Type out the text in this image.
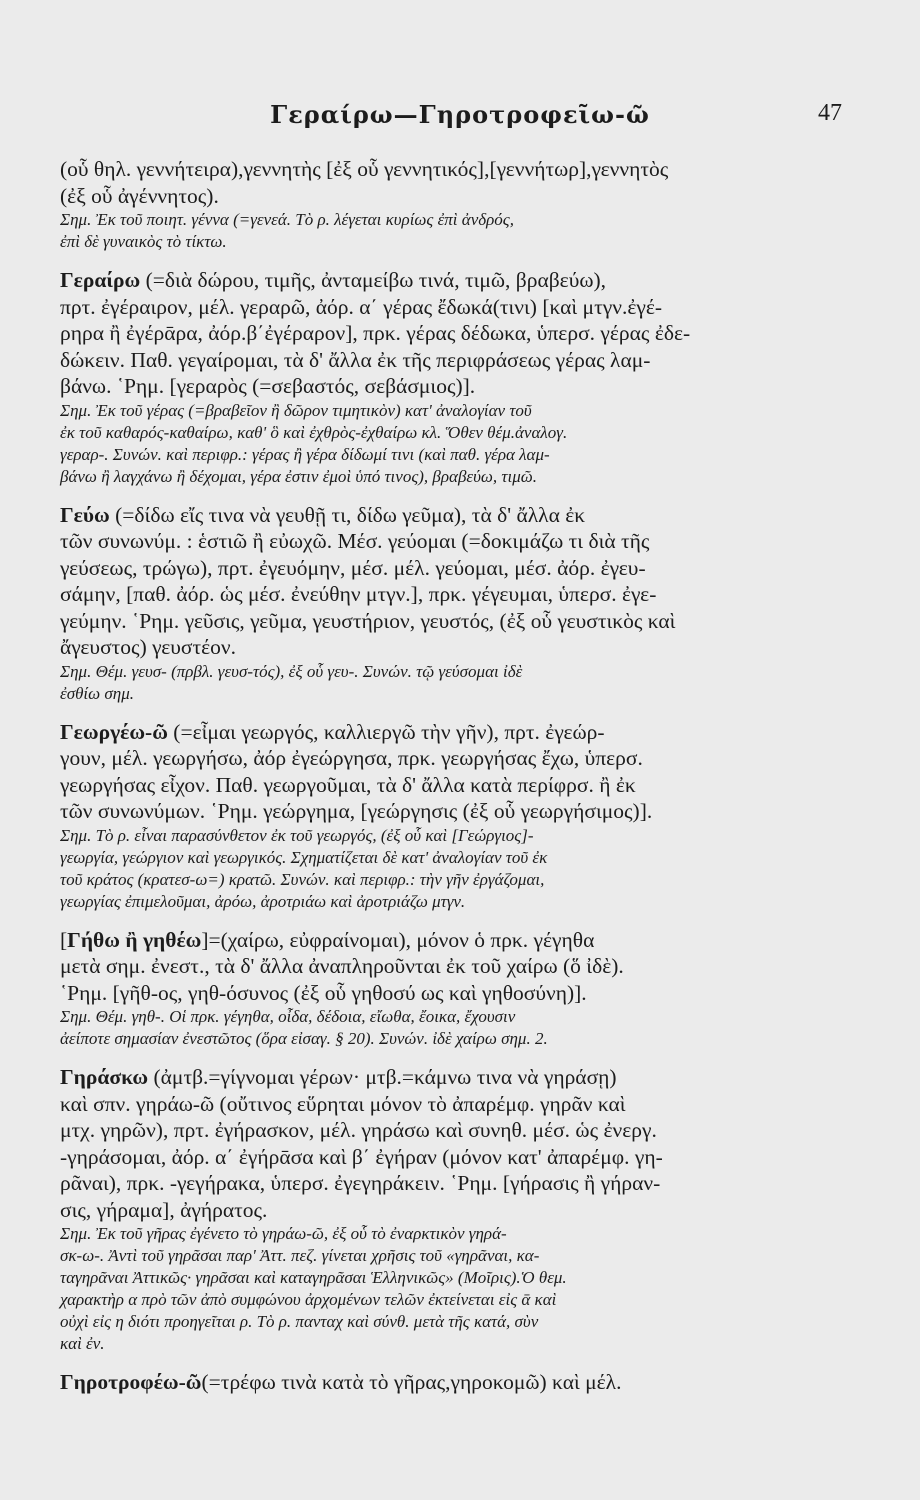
Γεραίρω—Γηροτροφεῖω-ῶ	47
(οὗ θηλ. γεννήτειρα),γεννητὴς [ἐξ οὗ γεννητικός],[γεννήτωρ],γεννητὸς
(ἐξ οὗ ἀγέννητος).
Σημ. Ἐκ τοῦ ποιητ. γέννα (=γενεά. Τὸ ρ. λέγεται κυρίως ἐπὶ ἀνδρός,
ἐπὶ δὲ γυναικὸς τὸ τίκτω.
Γεραίρω (=διὰ δώρου, τιμῆς, ἀνταμείβω τινά, τιμῶ, βραβεύω),
πρτ. ἐγέραιρον, μέλ. γεραρῶ, ἀόρ. α΄ γέρας ἔδωκά(τινι) [καὶ μτγν.ἐγέ-
ρηρα ἢ ἐγέρᾱρα, ἀόρ.β΄ἐγέραρον], πρκ. γέρας δέδωκα, ὑπερσ. γέρας ἐδε-
δώκειν. Παθ. γεγαίρομαι, τὰ δ' ἄλλα ἐκ τῆς περιφράσεως γέρας λαμ-
βάνω. ῾Ρημ. [γεραρὸς (=σεβαστός, σεβάσμιος)].
Σημ. Ἐκ τοῦ γέρας (=βραβεῖον ἢ δῶρον τιμητικὸν) κατ' ἀναλογίαν τοῦ
ἐκ τοῦ καθαρός-καθαίρω, καθ' ὃ καὶ ἐχθρὸς-ἐχθαίρω κλ. Ὅθεν θέμ.ἀναλογ.
γεραρ-. Συνών. καὶ περιφρ.: γέρας ἢ γέρα δίδωμί τινι (καὶ παθ. γέρα λαμ-
βάνω ἢ λαγχάνω ἢ δέχομαι, γέρα ἐστιν ἐμοὶ ὑπό τινος), βραβεύω, τιμῶ.
Γεύω (=δίδω εἴς τινα νὰ γευθῇ τι, δίδω γεῦμα), τὰ δ' ἄλλα ἐκ
τῶν συνωνύμ. : ἑστιῶ ἢ εὐωχῶ. Μέσ. γεύομαι (=δοκιμάζω τι διὰ τῆς
γεύσεως, τρώγω), πρτ. ἐγευόμην, μέσ. μέλ. γεύομαι, μέσ. ἀόρ. ἐγευ-
σάμην, [παθ. ἀόρ. ὡς μέσ. ἐνεύθην μτγν.], πρκ. γέγευμαι, ὑπερσ. ἐγε-
γεύμην. ῾Ρημ. γεῦσις, γεῦμα, γευστήριον, γευστός, (ἐξ οὗ γευστικὸς καὶ
ἄγευστος) γευστέον.
Σημ. Θέμ. γευσ- (πρβλ. γευσ-τός), ἐξ οὗ γευ-. Συνών. τῷ γεύσομαι ἰδὲ
ἐσθίω σημ.
Γεωργέω-ῶ (=εἶμαι γεωργός, καλλιεργῶ τὴν γῆν), πρτ. ἐγεώρ-
γουν, μέλ. γεωργήσω, ἀόρ ἐγεώργησα, πρκ. γεωργήσας ἔχω, ὑπερσ.
γεωργήσας εἶχον. Παθ. γεωργοῦμαι, τὰ δ' ἄλλα κατὰ περίφρσ. ἢ ἐκ
τῶν συνωνύμων. ῾Ρημ. γεώργημα, [γεώργησις (ἐξ οὗ γεωργήσιμος)].
Σημ. Τὸ ρ. εἶναι παρασύνθετον ἐκ τοῦ γεωργός, (ἐξ οὗ καὶ [Γεώργιος]-
γεωργία, γεώργιον καὶ γεωργικός. Σχηματίζεται δὲ κατ' ἀναλογίαν τοῦ ἐκ
τοῦ κράτος (κρατεσ-ω=) κρατῶ. Συνών. καὶ περιφρ.: τὴν γῆν ἐργάζομαι,
γεωργίας ἐπιμελοῦμαι, ἀρόω, ἀροτριάω καὶ ἀροτριάζω μτγν.
[Γήθω ἢ γηθέω]=(χαίρω, εὐφραίνομαι), μόνον ὁ πρκ. γέγηθα
μετὰ σημ. ἐνεστ., τὰ δ' ἄλλα ἀναπληροῦνται ἐκ τοῦ χαίρω (ὅ ἰδὲ).
῾Ρημ. [γῆθ-ος, γηθ-όσυνος (ἐξ οὗ γηθοσύ ως καὶ γηθοσύνη)].
Σημ. Θέμ. γηθ-. Οἱ πρκ. γέγηθα, οἶδα, δέδοια, εἴωθα, ἔοικα, ἔχουσιν
ἀείποτε σημασίαν ἐνεστῶτος (ὅρα εἰσαγ. § 20). Συνών. ἰδὲ χαίρω σημ. 2.
Γηράσκω (ἀμτβ.=γίγνομαι γέρων· μτβ.=κάμνω τινα νὰ γηράσῃ)
καὶ σπν. γηράω-ῶ (οὔτινος εὕρηται μόνον τὸ ἀπαρέμφ. γηρᾶν καὶ
μτχ. γηρῶν), πρτ. ἐγήρασκον, μέλ. γηράσω καὶ συνηθ. μέσ. ὡς ἐνεργ.
-γηράσομαι, ἀόρ. α΄ ἐγήρᾱσα καὶ β΄ ἐγήραν (μόνον κατ' ἀπαρέμφ. γη-
ρᾶναι), πρκ. -γεγήρακα, ὑπερσ. ἐγεγηράκειν. ῾Ρημ. [γήρασις ἢ γήραν-
σις, γήραμα], ἀγήρατος.
Σημ. Ἐκ τοῦ γῆρας ἐγένετο τὸ γηράω-ῶ, ἐξ οὗ τὸ ἐναρκτικὸν γηρά-
σκ-ω-. Ἀντὶ τοῦ γηρᾶσαι παρ' Ἀττ. πεζ. γίνεται χρῆσις τοῦ «γηρᾶναι, κα-
ταγηρᾶναι Ἀττικῶς· γηρᾶσαι καὶ καταγηρᾶσαι Ἑλληνικῶς» (Μοῖρις).Ὁ θεμ.
χαρακτὴρ α πρὸ τῶν ἀπὸ συμφώνου ἀρχομένων τελῶν ἐκτείνεται εἰς ᾱ καὶ
οὐχὶ εἰς η διότι προηγεῖται ρ. Τὸ ρ. πανταχ καὶ σύνθ. μετὰ τῆς κατά, σὺν
καὶ ἐν.
Γηροτροφέω-ῶ(=τρέφω τινὰ κατὰ τὸ γῆρας,γηροκομῶ) καὶ μέλ.
